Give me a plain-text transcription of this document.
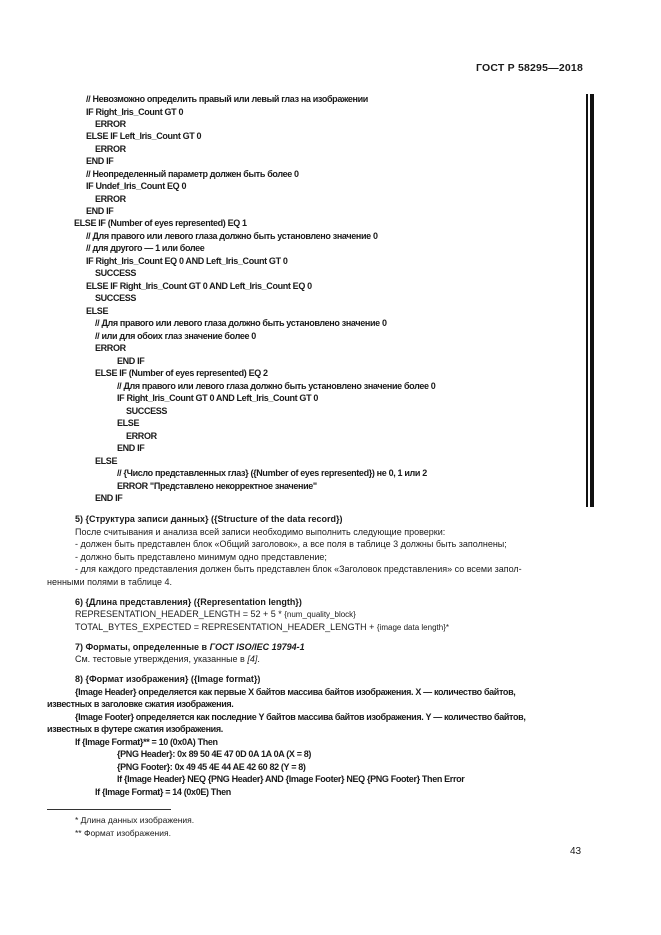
ГОСТ Р 58295—2018
// Невозможно определить правый или левый глаз на изображении
IF Right_Iris_Count GT 0
ERROR
ELSE IF Left_Iris_Count GT 0
ERROR
END IF
// Неопределенный параметр должен быть более 0
IF Undef_Iris_Count EQ 0
ERROR
END IF
ELSE IF (Number of eyes represented) EQ 1
// Для правого или левого глаза должно быть установлено значение 0
// для другого — 1 или более
IF Right_Iris_Count EQ 0 AND Left_Iris_Count GT 0
SUCCESS
ELSE IF Right_Iris_Count GT 0 AND Left_Iris_Count EQ 0
SUCCESS
ELSE
// Для правого или левого глаза должно быть установлено значение 0
// или для обоих глаз значение более 0
ERROR
END IF
ELSE IF (Number of eyes represented) EQ 2
// Для правого или левого глаза должно быть установлено значение более 0
IF Right_Iris_Count GT 0 AND Left_Iris_Count GT 0
SUCCESS
ELSE
ERROR
END IF
ELSE
// {Число представленных глаз} ({Number of eyes represented}) не 0, 1 или 2
ERROR "Представлено некорректное значение"
END IF
5) {Структура записи данных} ({Structure of the data record})
После считывания и анализа всей записи необходимо выполнить следующие проверки:
- должен быть представлен блок «Общий заголовок», а все поля в таблице 3 должны быть заполнены;
- должно быть представлено минимум одно представление;
- для каждого представления должен быть представлен блок «Заголовок представления» со всеми запол-
ненными полями в таблице 4.
6) {Длина представления} ({Representation length})
REPRESENTATION_HEADER_LENGTH = 52 + 5 * {num_quality_block}
TOTAL_BYTES_EXPECTED = REPRESENTATION_HEADER_LENGTH + {image data length}*
7) Форматы, определенные в ГОСТ ISO/IEC 19794-1
См. тестовые утверждения, указанные в [4].
8) {Формат изображения} ({Image format})
{Image Header} определяется как первые X байтов массива байтов изображения. X — количество байтов,
известных в заголовке сжатия изображения.
{Image Footer} определяется как последние Y байтов массива байтов изображения. Y — количество байтов,
известных в футере сжатия изображения.
If {Image Format}** = 10 (0x0A) Then
{PNG Header}: 0x 89 50 4E 47 0D 0A 1A 0A (X = 8)
{PNG Footer}: 0x 49 45 4E 44 AE 42 60 82 (Y = 8)
If {Image Header} NEQ {PNG Header} AND {Image Footer} NEQ {PNG Footer} Then Error
If {Image Format} = 14 (0x0E) Then
* Длина данных изображения.
** Формат изображения.
43
